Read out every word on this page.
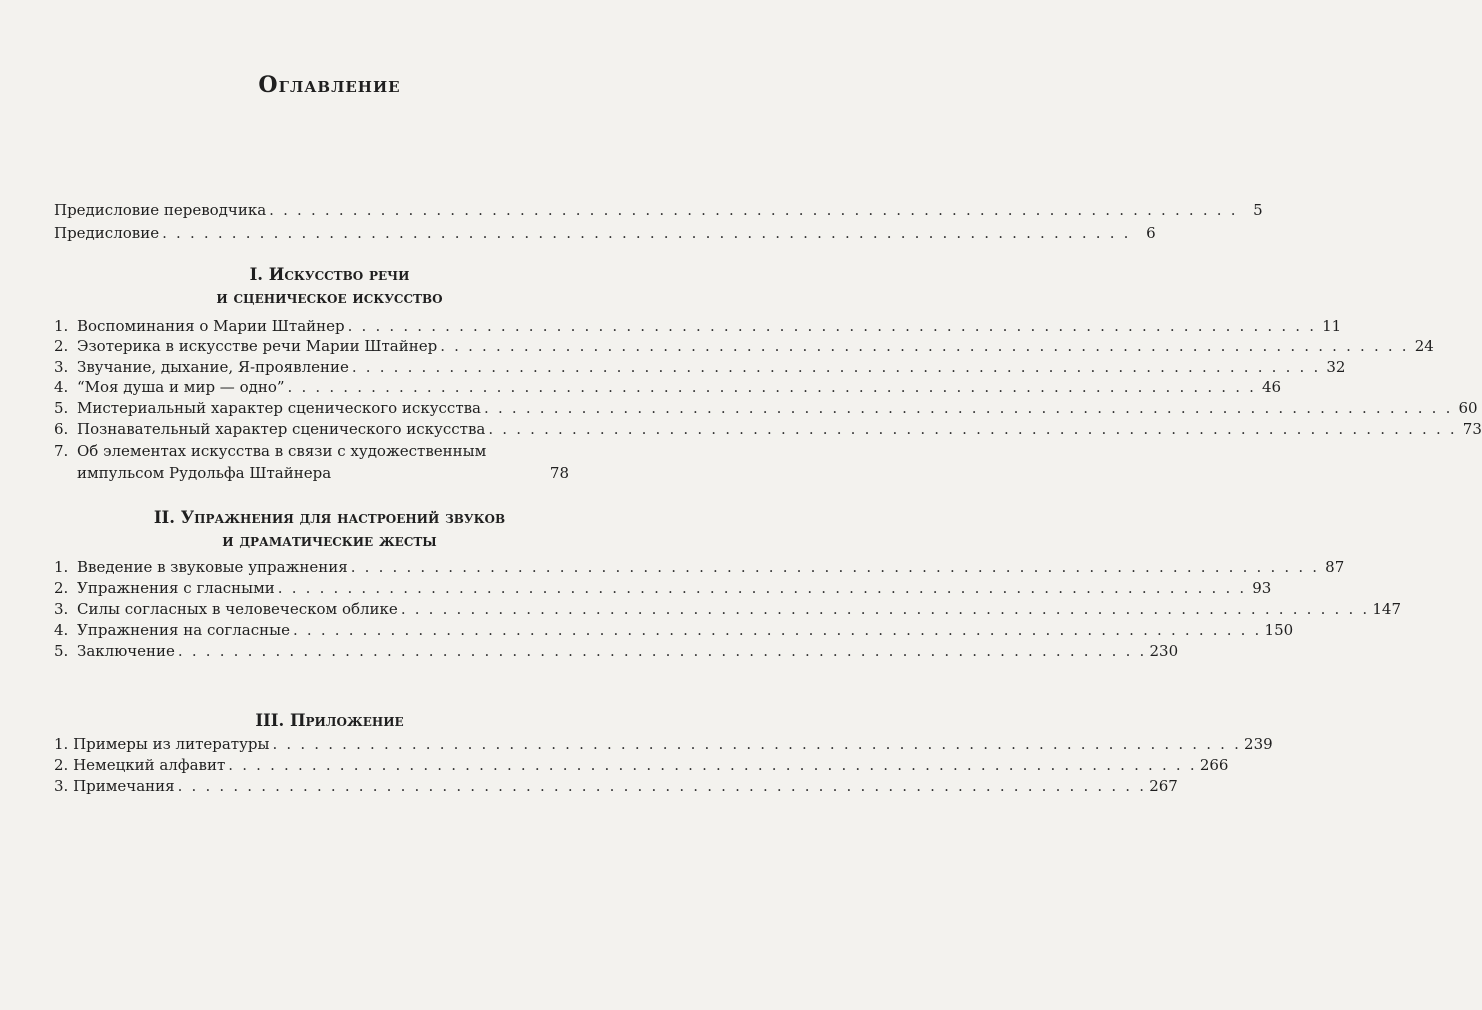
Оглавление
Предисловие переводчика . . . . . . . . . . . . . . . . . . . . . . . . . . . . . . . . . . . . . . . . . . . . . . . . . . . . . . . . . . . . . . . . . . . . . .	5
Предисловие . . . . . . . . . . . . . . . . . . . . . . . . . . . . . . . . . . . . . . . . . . . . . . . . . . . . . . . . . . . . . . . . . . . . . .	6
I. Искусство речи
и сценическое искусство
1. Воспоминания о Марии Штайнер . . . . . . . . . . . . . . . . . . . . . . . . . . . . . . . . . . . . . . . . . . . . . . . . . . . . . . . . . . . . . . . . . . . . . . 11
2. Эзотерика в искусстве речи Марии Штайнер . . . . . . . . . . . . . . . . . . . . . . . . . . . . . . . . . . . . . . . . . . . . . . . . . . . . . . . . . . . . . . . . . . . . . . 24
3. Звучание, дыхание, Я-проявление . . . . . . . . . . . . . . . . . . . . . . . . . . . . . . . . . . . . . . . . . . . . . . . . . . . . . . . . . . . . . . . . . . . . . . 32
4. “Моя душа и мир — одно” . . . . . . . . . . . . . . . . . . . . . . . . . . . . . . . . . . . . . . . . . . . . . . . . . . . . . . . . . . . . . . . . . . . . . . 46
5. Мистериальный характер сценического искусства . . . . . . . . . . . . . . . . . . . . . . . . . . . . . . . . . . . . . . . . . . . . . . . . . . . . . . . . . . . . . . . . . . . . . . 60
6. Познавательный характер сценического искусства . . . . . . . . . . . . . . . . . . . . . . . . . . . . . . . . . . . . . . . . . . . . . . . . . . . . . . . . . . . . . . . . . . . . . . 73
7. Об элементах искусства в связи с художественным
импульсом Рудольфа Штайнера	78
II. Упражнения для настроений звуков
и драматические жесты
1. Введение в звуковые упражнения . . . . . . . . . . . . . . . . . . . . . . . . . . . . . . . . . . . . . . . . . . . . . . . . . . . . . . . . . . . . . . . . . . . . . . 87
2. Упражнения с гласными . . . . . . . . . . . . . . . . . . . . . . . . . . . . . . . . . . . . . . . . . . . . . . . . . . . . . . . . . . . . . . . . . . . . . . 93
3. Силы согласных в человеческом облике . . . . . . . . . . . . . . . . . . . . . . . . . . . . . . . . . . . . . . . . . . . . . . . . . . . . . . . . . . . . . . . . . . . . . . 147
4. Упражнения на согласные . . . . . . . . . . . . . . . . . . . . . . . . . . . . . . . . . . . . . . . . . . . . . . . . . . . . . . . . . . . . . . . . . . . . . . 150
5. Заключение . . . . . . . . . . . . . . . . . . . . . . . . . . . . . . . . . . . . . . . . . . . . . . . . . . . . . . . . . . . . . . . . . . . . . . 230
III. Приложение
1. Примеры из литературы . . . . . . . . . . . . . . . . . . . . . . . . . . . . . . . . . . . . . . . . . . . . . . . . . . . . . . . . . . . . . . . . . . . . . . 239
2. Немецкий алфавит . . . . . . . . . . . . . . . . . . . . . . . . . . . . . . . . . . . . . . . . . . . . . . . . . . . . . . . . . . . . . . . . . . . . . . 266
3. Примечания . . . . . . . . . . . . . . . . . . . . . . . . . . . . . . . . . . . . . . . . . . . . . . . . . . . . . . . . . . . . . . . . . . . . . . 267
